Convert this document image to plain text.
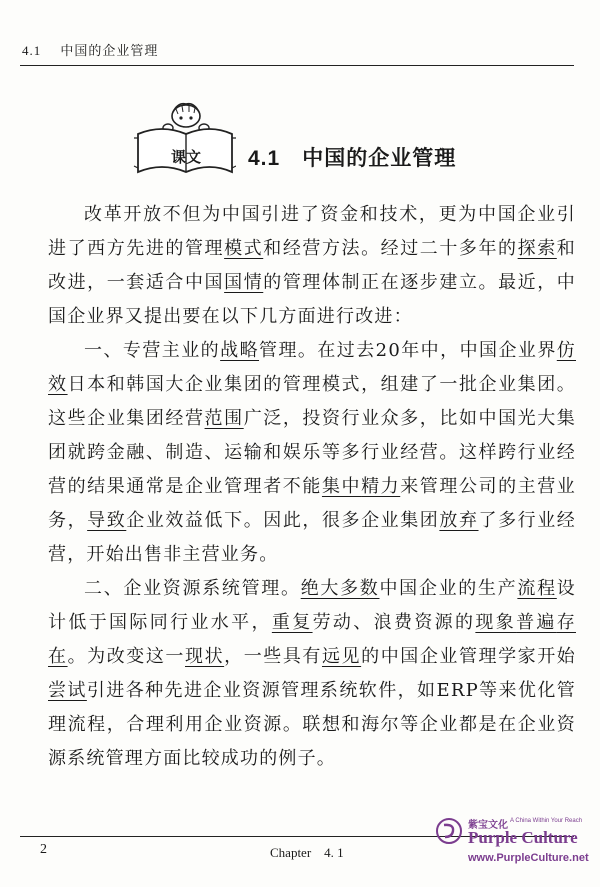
4.1 中国的企业管理
课文 4.1 中国的企业管理

改革开放不但为中国引进了资金和技术，更为中国企业引进了西方先进的管理模式和经营方法。经过二十多年的探索和改进，一套适合中国国情的管理体制正在逐步建立。最近，中国企业界又提出要在以下几方面进行改进：

一、专营主业的战略管理。在过去20年中，中国企业界仿效日本和韩国大企业集团的管理模式，组建了一批企业集团。这些企业集团经营范围广泛，投资行业众多，比如中国光大集团就跨金融、制造、运输和娱乐等多行业经营。这样跨行业经营的结果通常是企业管理者不能集中精力来管理公司的主营业务，导致企业效益低下。因此，很多企业集团放弃了多行业经营，开始出售非主营业务。

二、企业资源系统管理。绝大多数中国企业的生产流程设计低于国际同行业水平，重复劳动、浪费资源的现象普遍存在。为改变这一现状，一些具有远见的中国企业管理学家开始尝试引进各种先进企业资源管理系统软件，如ERP等来优化管理流程，合理利用企业资源。联想和海尔等企业都是在企业资源系统管理方面比较成功的例子。

2	Chapter　4. 1
紫宝文化 A China Within Your Reach
Purple Culture
www.PurpleCulture.net
